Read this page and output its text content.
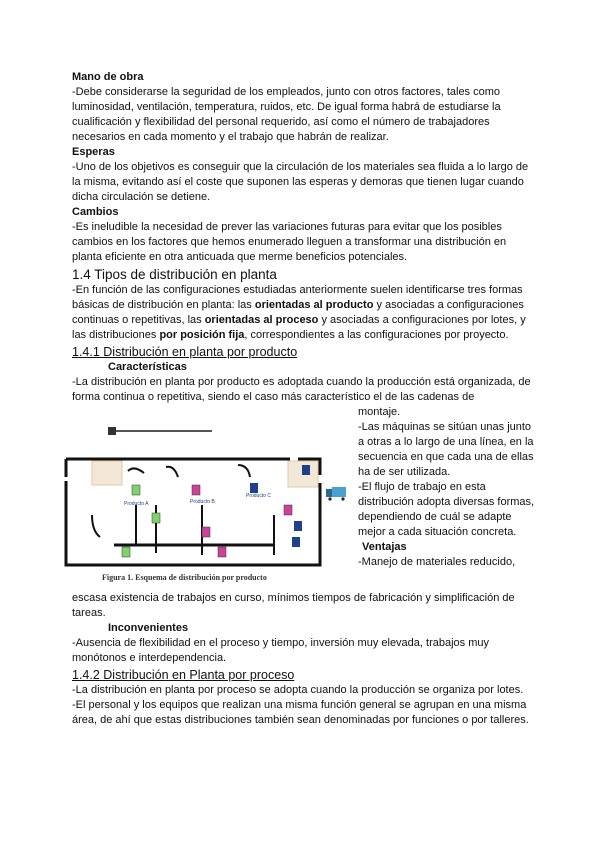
Mano de obra

-Debe considerarse la seguridad de los empleados, junto con otros factores, tales como luminosidad, ventilación, temperatura, ruidos, etc. De igual forma habrá de estudiarse la cualificación y flexibilidad del personal requerido, así como el número de trabajadores necesarios en cada momento y el trabajo que habrán de realizar.

Esperas

-Uno de los objetivos es conseguir que la circulación de los materiales sea fluida a lo largo de la misma, evitando así el coste que suponen las esperas y demoras que tienen lugar cuando dicha circulación se detiene.

Cambios

-Es ineludible la necesidad de prever las variaciones futuras para evitar que los posibles cambios en los factores que hemos enumerado lleguen a transformar una distribución en planta eficiente en otra anticuada que merme beneficios potenciales.

1.4 Tipos de distribución en planta

-En función de las configuraciones estudiadas anteriormente suelen identificarse tres formas básicas de distribución en planta: las orientadas al producto y asociadas a configuraciones continuas o repetitivas, las orientadas al proceso y asociadas a configuraciones por lotes, y las distribuciones por posición fija, correspondientes a las configuraciones por proyecto.

1.4.1 Distribución en planta por producto

Características

-La distribución en planta por producto es adoptada cuando la producción está organizada, de forma continua o repetitiva, siendo el caso más característico el de las cadenas de

Producto A	Producto B
Producto C
Figura 1. Esquema de distribución por producto

montaje.

-Las máquinas se sitúan unas junto a otras a lo largo de una línea, en la secuencia en que cada una de ellas ha de ser utilizada.

-El flujo de trabajo en esta distribución adopta diversas formas, dependiendo de cuál se adapte mejor a cada situación concreta.

Ventajas

-Manejo de materiales reducido,

escasa existencia de trabajos en curso, mínimos tiempos de fabricación y simplificación de tareas.

Inconvenientes

-Ausencia de flexibilidad en el proceso y tiempo, inversión muy elevada, trabajos muy monótonos e interdependencia.

1.4.2 Distribución en Planta por proceso

-La distribución en planta por proceso se adopta cuando la producción se organiza por lotes.

-El personal y los equipos que realizan una misma función general se agrupan en una misma área, de ahí que estas distribuciones también sean denominadas por funciones o por talleres.
